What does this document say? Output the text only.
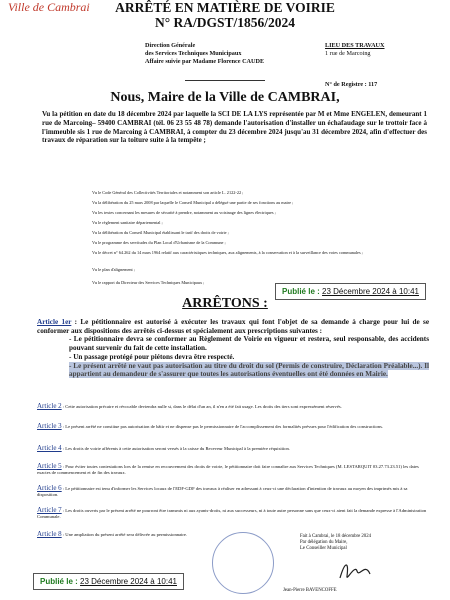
Ville de Cambrai	ARRÊTÉ EN MATIÈRE DE VOIRIE
N° RA/DGST/1856/2024
Direction Générale
des Services Techniques Municipaux
Affaire suivie par Madame Florence CAUDE
LIEU DES TRAVAUX
1 rue de Marcoing
N° de Registre : 117
Nous, Maire de la Ville de CAMBRAI,
Vu la pétition en date du 18 décembre 2024 par laquelle la SCI DE LA LYS représentée par M et Mme ENGELEN, demeurant 1 rue de Marcoing– 59400 CAMBRAI (tél. 06 23 55 48 78) demande l'autorisation d'installer un échafaudage sur le trottoir face à l'immeuble sis 1 rue de Marcoing à CAMBRAI, à compter du 23 décembre 2024 jusqu'au 31 décembre 2024, afin d'effectuer des travaux de réparation sur la toiture suite à la tempête ;
Vu le Code Général des Collectivités Territoriales et notamment son article L. 2122-22 ;
Vu la délibération du 25 mars 2008 par laquelle le Conseil Municipal a délégué une partie de ses fonctions au maire ;
Vu les textes concernant les mesures de sécurité à prendre, notamment au voisinage des lignes électriques ;
Vu le règlement sanitaire départemental ;
Vu la délibération du Conseil Municipal établissant le tarif des droits de voirie ;
Vu le programme des servitudes du Plan Local d'Urbanisme de la Commune ;
Vu le décret n° 64.262 du 14 mars 1964 relatif aux caractéristiques techniques, aux alignements, à la conservation et à la surveillance des voies communales ;
Vu le plan d'alignement ;
Vu le rapport du Directeur des Services Techniques Municipaux ;
Publié le : 23 Décembre 2024 à 10:41
ARRÊTONS :
Article 1er : Le pétitionnaire est autorisé à exécuter les travaux qui font l'objet de sa demande à charge pour lui de se conformer aux dispositions des arrêtés ci-dessus et spécialement aux prescriptions suivantes :
- Le pétitionnaire devra se conformer au Règlement de Voirie en vigueur et restera, seul responsable, des accidents pouvant survenir du fait de cette installation.
- Un passage protégé pour piétons devra être respecté.
- Le présent arrêté ne vaut pas autorisation au titre du droit du sol (Permis de construire, Déclaration Préalable...). Il appartient au demandeur de s'assurer que toutes les autorisations éventuelles ont été données en Mairie.
Article 2 : Cette autorisation précaire et révocable deviendra nulle si, dans le délai d'un an, il n'en a été fait usage. Les droits des tiers sont expressément réservés.
Article 3 : Le présent arrêté ne constitue pas autorisation de bâtir et ne dispense pas le permissionnaire de l'accomplissement des formalités prévues pour l'édification des constructions.
Article 4 : Les droits de voirie afférents à cette autorisation seront versés à la caisse du Receveur Municipal à la première réquisition.
Article 5 : Pour éviter toutes contestations lors de la remise en recouvrement des droits de voirie, le pétitionnaire doit faire connaître aux Services Techniques (M. LESTARQUIT 03.27.73.23.51) les dates exactes de commencement et de fin des travaux.
Article 6 : Le pétitionnaire est tenu d'informer les Services locaux de l'EDF-GDF des travaux à réaliser en adressant à ceux-ci une déclaration d'intention de travaux au moyen des imprimés mis à sa disposition.
Article 7 : Les droits ouverts par le présent arrêté ne pourront être transmis ni aux ayants-droits, ni aux successeurs, ni à toute autre personne sans que ceux-ci aient fait la demande expresse à l'Administration Communale.
Article 8 : Une ampliation du présent arrêté sera délivrée au permissionnaire.	Fait à Cambrai, le 18 décembre 2024
Par délégation du Maire,
Le Conseiller Municipal
Jean-Pierre BAVENCOFFE
Publié le : 23 Décembre 2024 à 10:41
